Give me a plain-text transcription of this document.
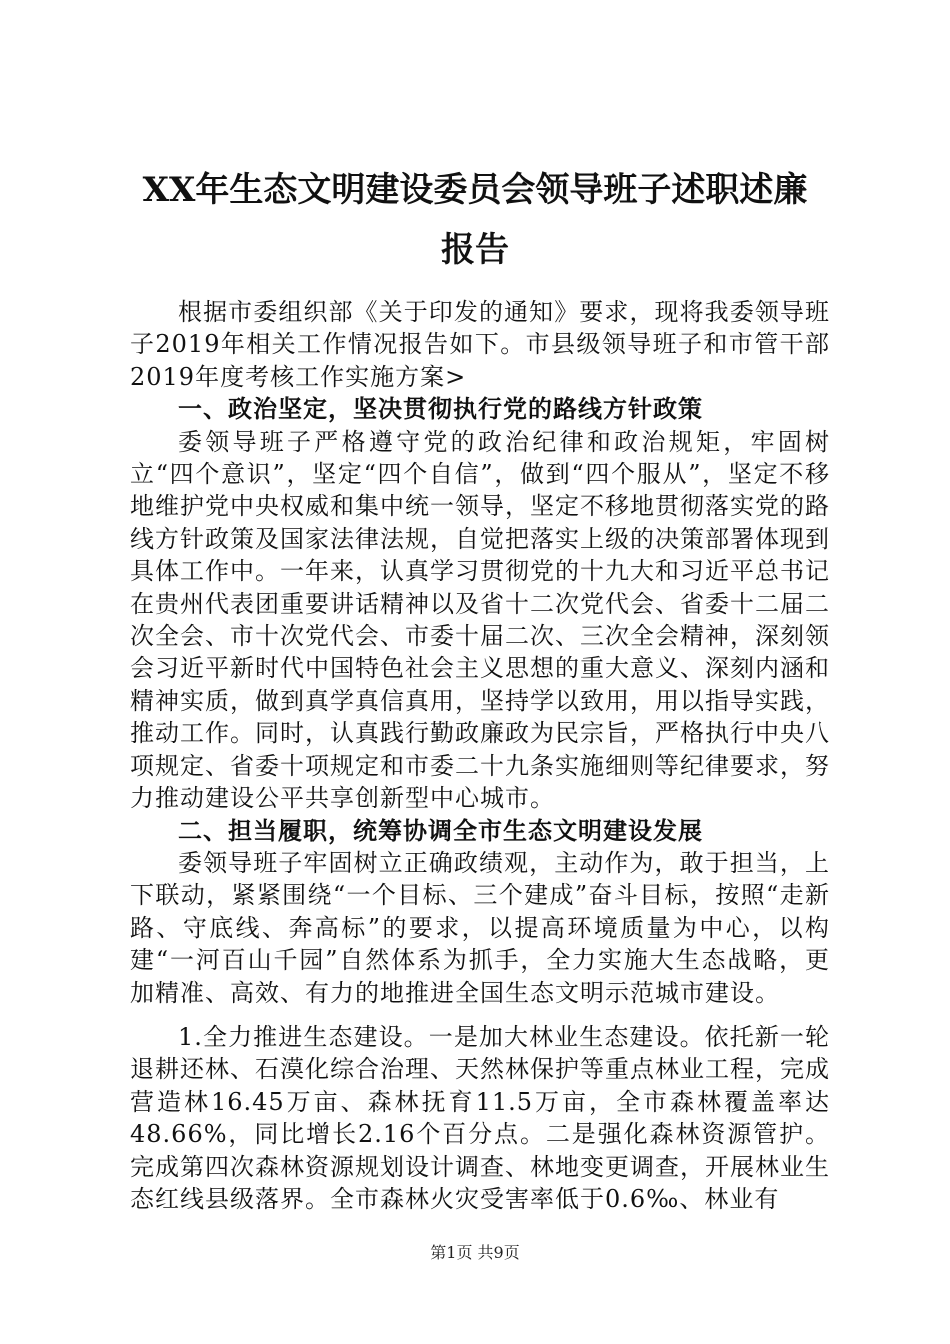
XX年生态文明建设委员会领导班子述职述廉
报告

根据市委组织部《关于印发的通知》要求，现将我委领导班子2019年相关工作情况报告如下。市县级领导班子和市管干部2019年度考核工作实施方案>

一、政治坚定，坚决贯彻执行党的路线方针政策

委领导班子严格遵守党的政治纪律和政治规矩，牢固树立“四个意识”，坚定“四个自信”，做到“四个服从”，坚定不移地维护党中央权威和集中统一领导，坚定不移地贯彻落实党的路线方针政策及国家法律法规，自觉把落实上级的决策部署体现到具体工作中。一年来，认真学习贯彻党的十九大和习近平总书记在贵州代表团重要讲话精神以及省十二次党代会、省委十二届二次全会、市十次党代会、市委十届二次、三次全会精神，深刻领会习近平新时代中国特色社会主义思想的重大意义、深刻内涵和精神实质，做到真学真信真用，坚持学以致用，用以指导实践，推动工作。同时，认真践行勤政廉政为民宗旨，严格执行中央八项规定、省委十项规定和市委二十九条实施细则等纪律要求，努力推动建设公平共享创新型中心城市。

二、担当履职，统筹协调全市生态文明建设发展

委领导班子牢固树立正确政绩观，主动作为，敢于担当，上下联动，紧紧围绕“一个目标、三个建成”奋斗目标，按照“走新路、守底线、奔高标”的要求，以提高环境质量为中心，以构建“一河百山千园”自然体系为抓手，全力实施大生态战略，更加精准、高效、有力的地推进全国生态文明示范城市建设。

1.全力推进生态建设。一是加大林业生态建设。依托新一轮退耕还林、石漠化综合治理、天然林保护等重点林业工程，完成营造林16.45万亩、森林抚育11.5万亩，全市森林覆盖率达48.66%，同比增长2.16个百分点。二是强化森林资源管护。完成第四次森林资源规划设计调查、林地变更调查，开展林业生态红线县级落界。全市森林火灾受害率低于0.6‰、林业有

第1页 共9页
